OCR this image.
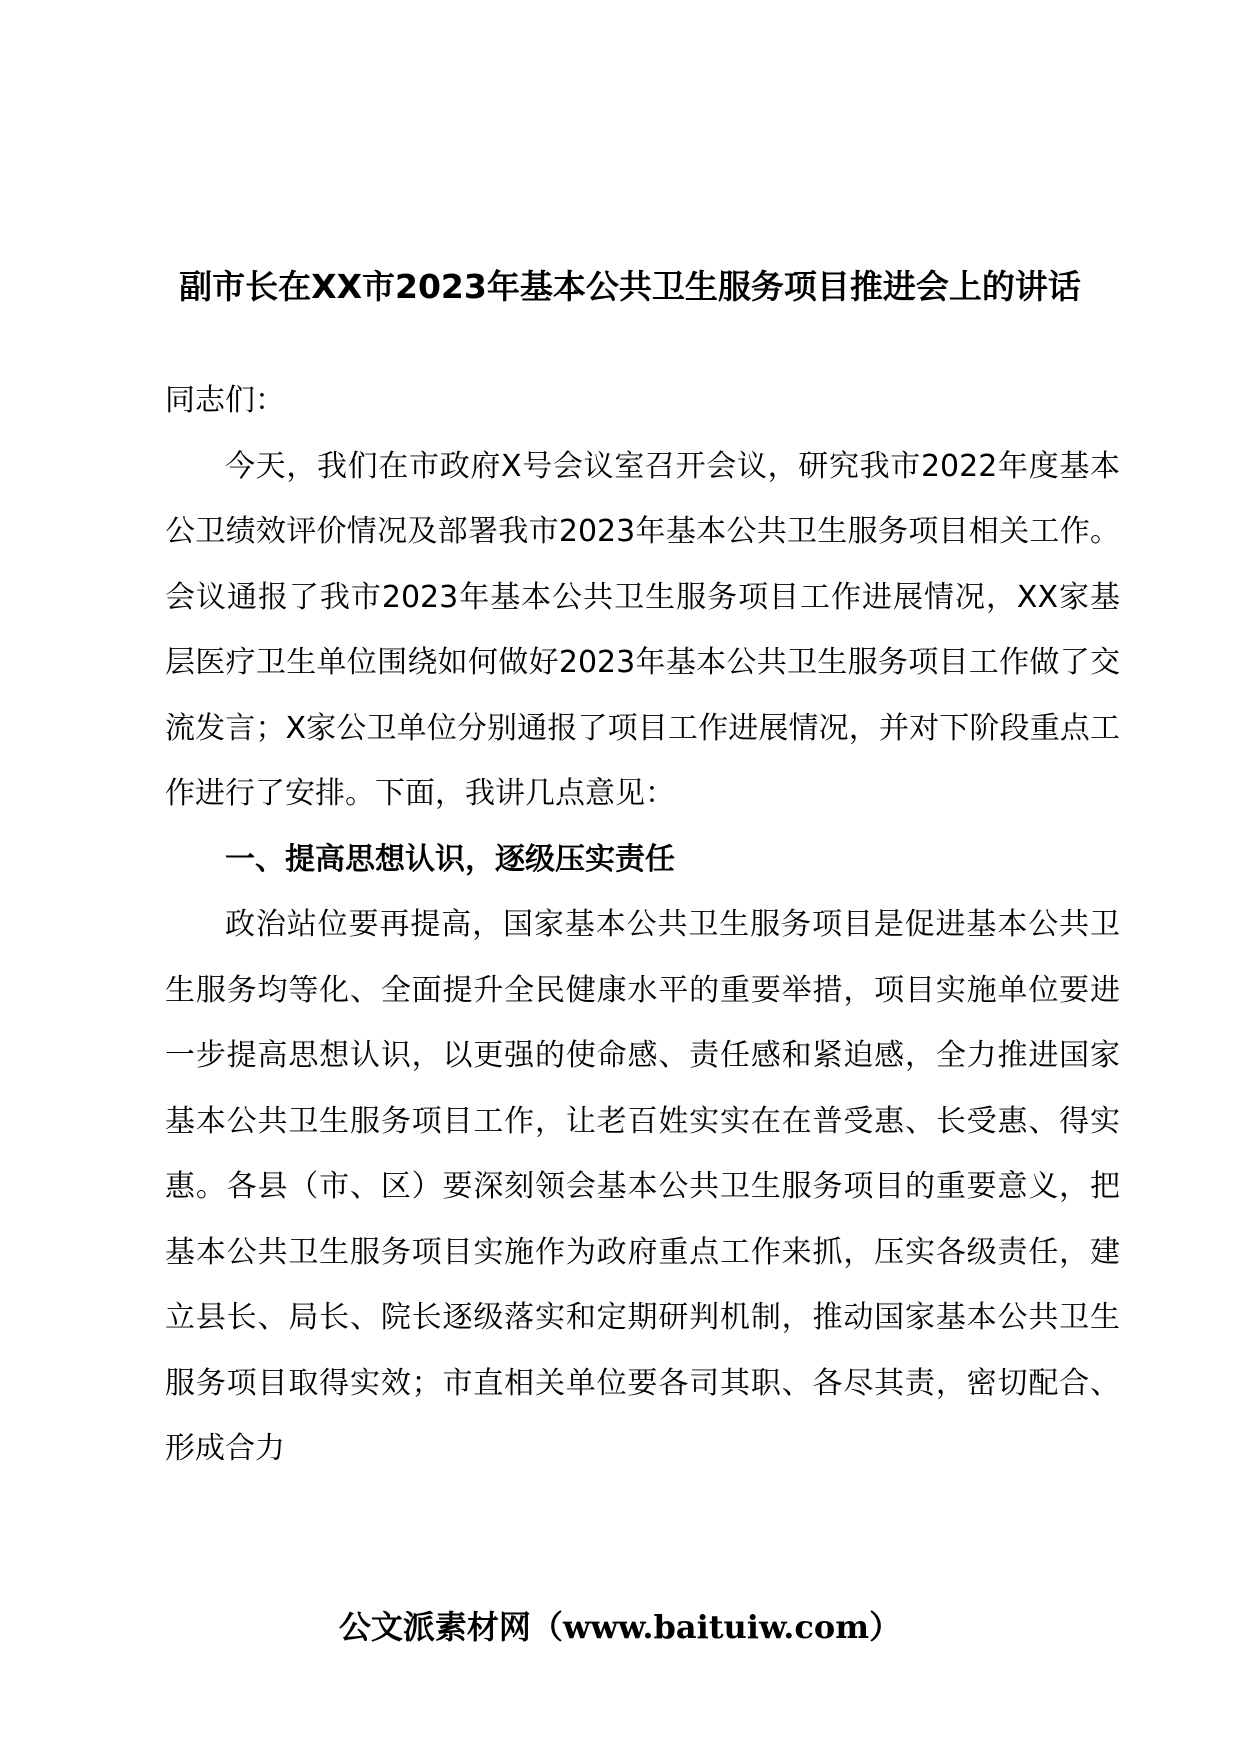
副市长在XX市2023年基本公共卫生服务项目推进会上的讲话

同志们：

今天，我们在市政府X号会议室召开会议，研究我市2022年度基本公卫绩效评价情况及部署我市2023年基本公共卫生服务项目相关工作。会议通报了我市2023年基本公共卫生服务项目工作进展情况，XX家基层医疗卫生单位围绕如何做好2023年基本公共卫生服务项目工作做了交流发言；X家公卫单位分别通报了项目工作进展情况，并对下阶段重点工作进行了安排。下面，我讲几点意见：

一、提高思想认识，逐级压实责任

政治站位要再提高，国家基本公共卫生服务项目是促进基本公共卫生服务均等化、全面提升全民健康水平的重要举措，项目实施单位要进一步提高思想认识，以更强的使命感、责任感和紧迫感，全力推进国家基本公共卫生服务项目工作，让老百姓实实在在普受惠、长受惠、得实惠。各县（市、区）要深刻领会基本公共卫生服务项目的重要意义，把基本公共卫生服务项目实施作为政府重点工作来抓，压实各级责任，建立县长、局长、院长逐级落实和定期研判机制，推动国家基本公共卫生服务项目取得实效；市直相关单位要各司其职、各尽其责，密切配合、形成合力

公文派素材网（www.baituiw.com）
